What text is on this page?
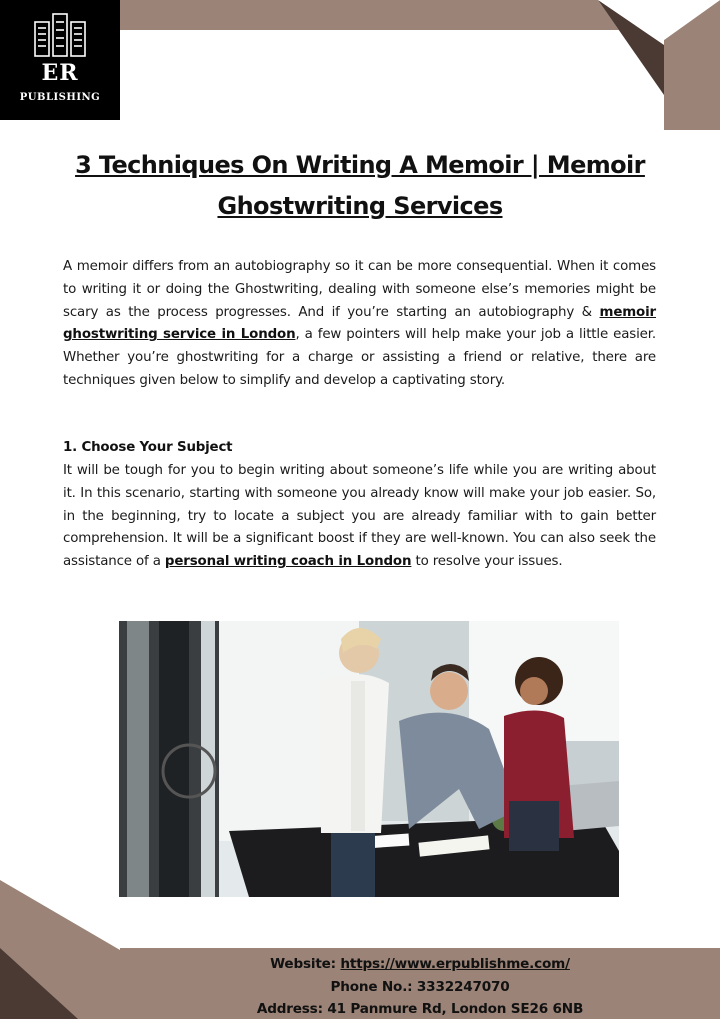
ER
PUBLISHING
3 Techniques On Writing A Memoir | Memoir Ghostwriting Services

A memoir differs from an autobiography so it can be more consequential. When it comes to writing it or doing the Ghostwriting, dealing with someone else’s memories might be scary as the process progresses. And if you’re starting an autobiography & memoir ghostwriting service in London, a few pointers will help make your job a little easier. Whether you’re ghostwriting for a charge or assisting a friend or relative, there are techniques given below to simplify and develop a captivating story.

1. Choose Your Subject

It will be tough for you to begin writing about someone’s life while you are writing about it. In this scenario, starting with someone you already know will make your job easier. So, in the beginning, try to locate a subject you are already familiar with to gain better comprehension. It will be a significant boost if they are well-known. You can also seek the assistance of a personal writing coach in London to resolve your issues.

Website: https://www.erpublishme.com/
Phone No.: 3332247070
Address: 41 Panmure Rd, London SE26 6NB
